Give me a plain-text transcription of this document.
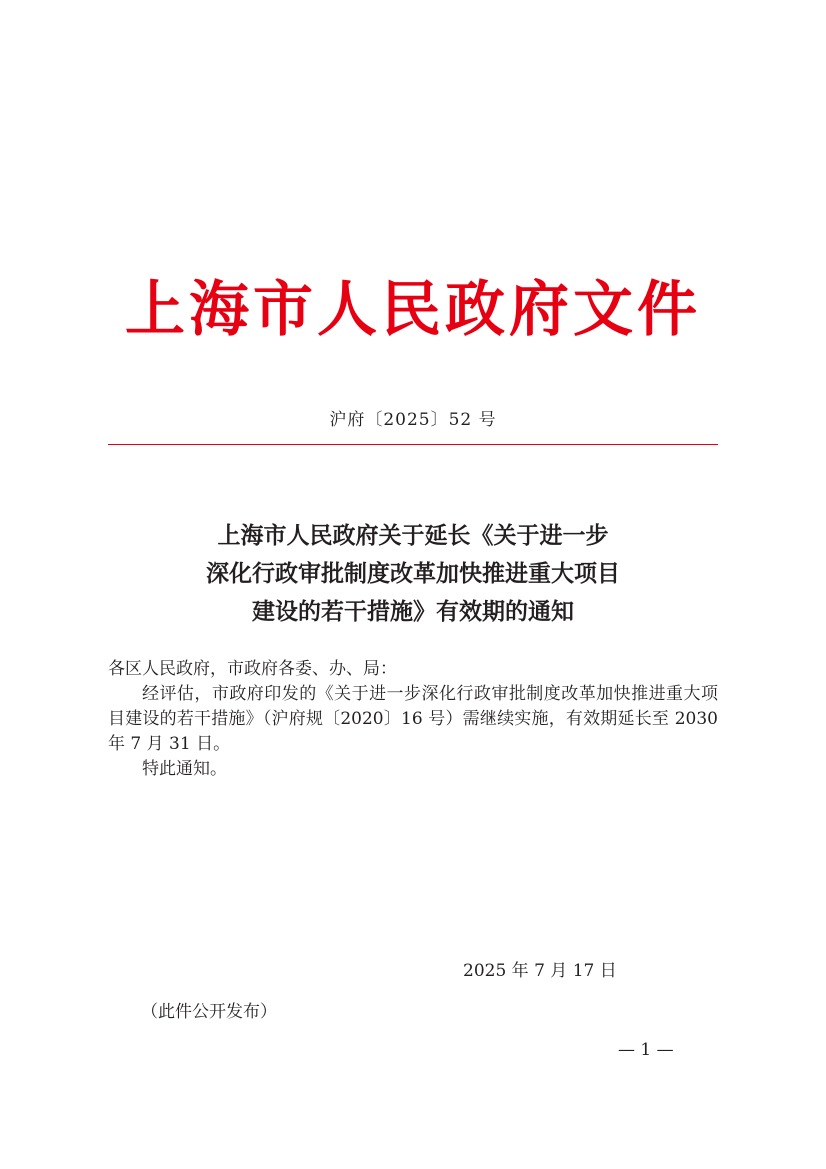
上海市人民政府文件
沪府〔2025〕52 号
上海市人民政府关于延长《关于进一步
深化行政审批制度改革加快推进重大项目
建设的若干措施》有效期的通知

各区人民政府，市政府各委、办、局：

经评估，市政府印发的《关于进一步深化行政审批制度改革加快推进重大项目建设的若干措施》（沪府规〔2020〕16 号）需继续实施，有效期延长至 2030 年 7 月 31 日。

特此通知。

2025 年 7 月 17 日
（此件公开发布）
— 1 —
